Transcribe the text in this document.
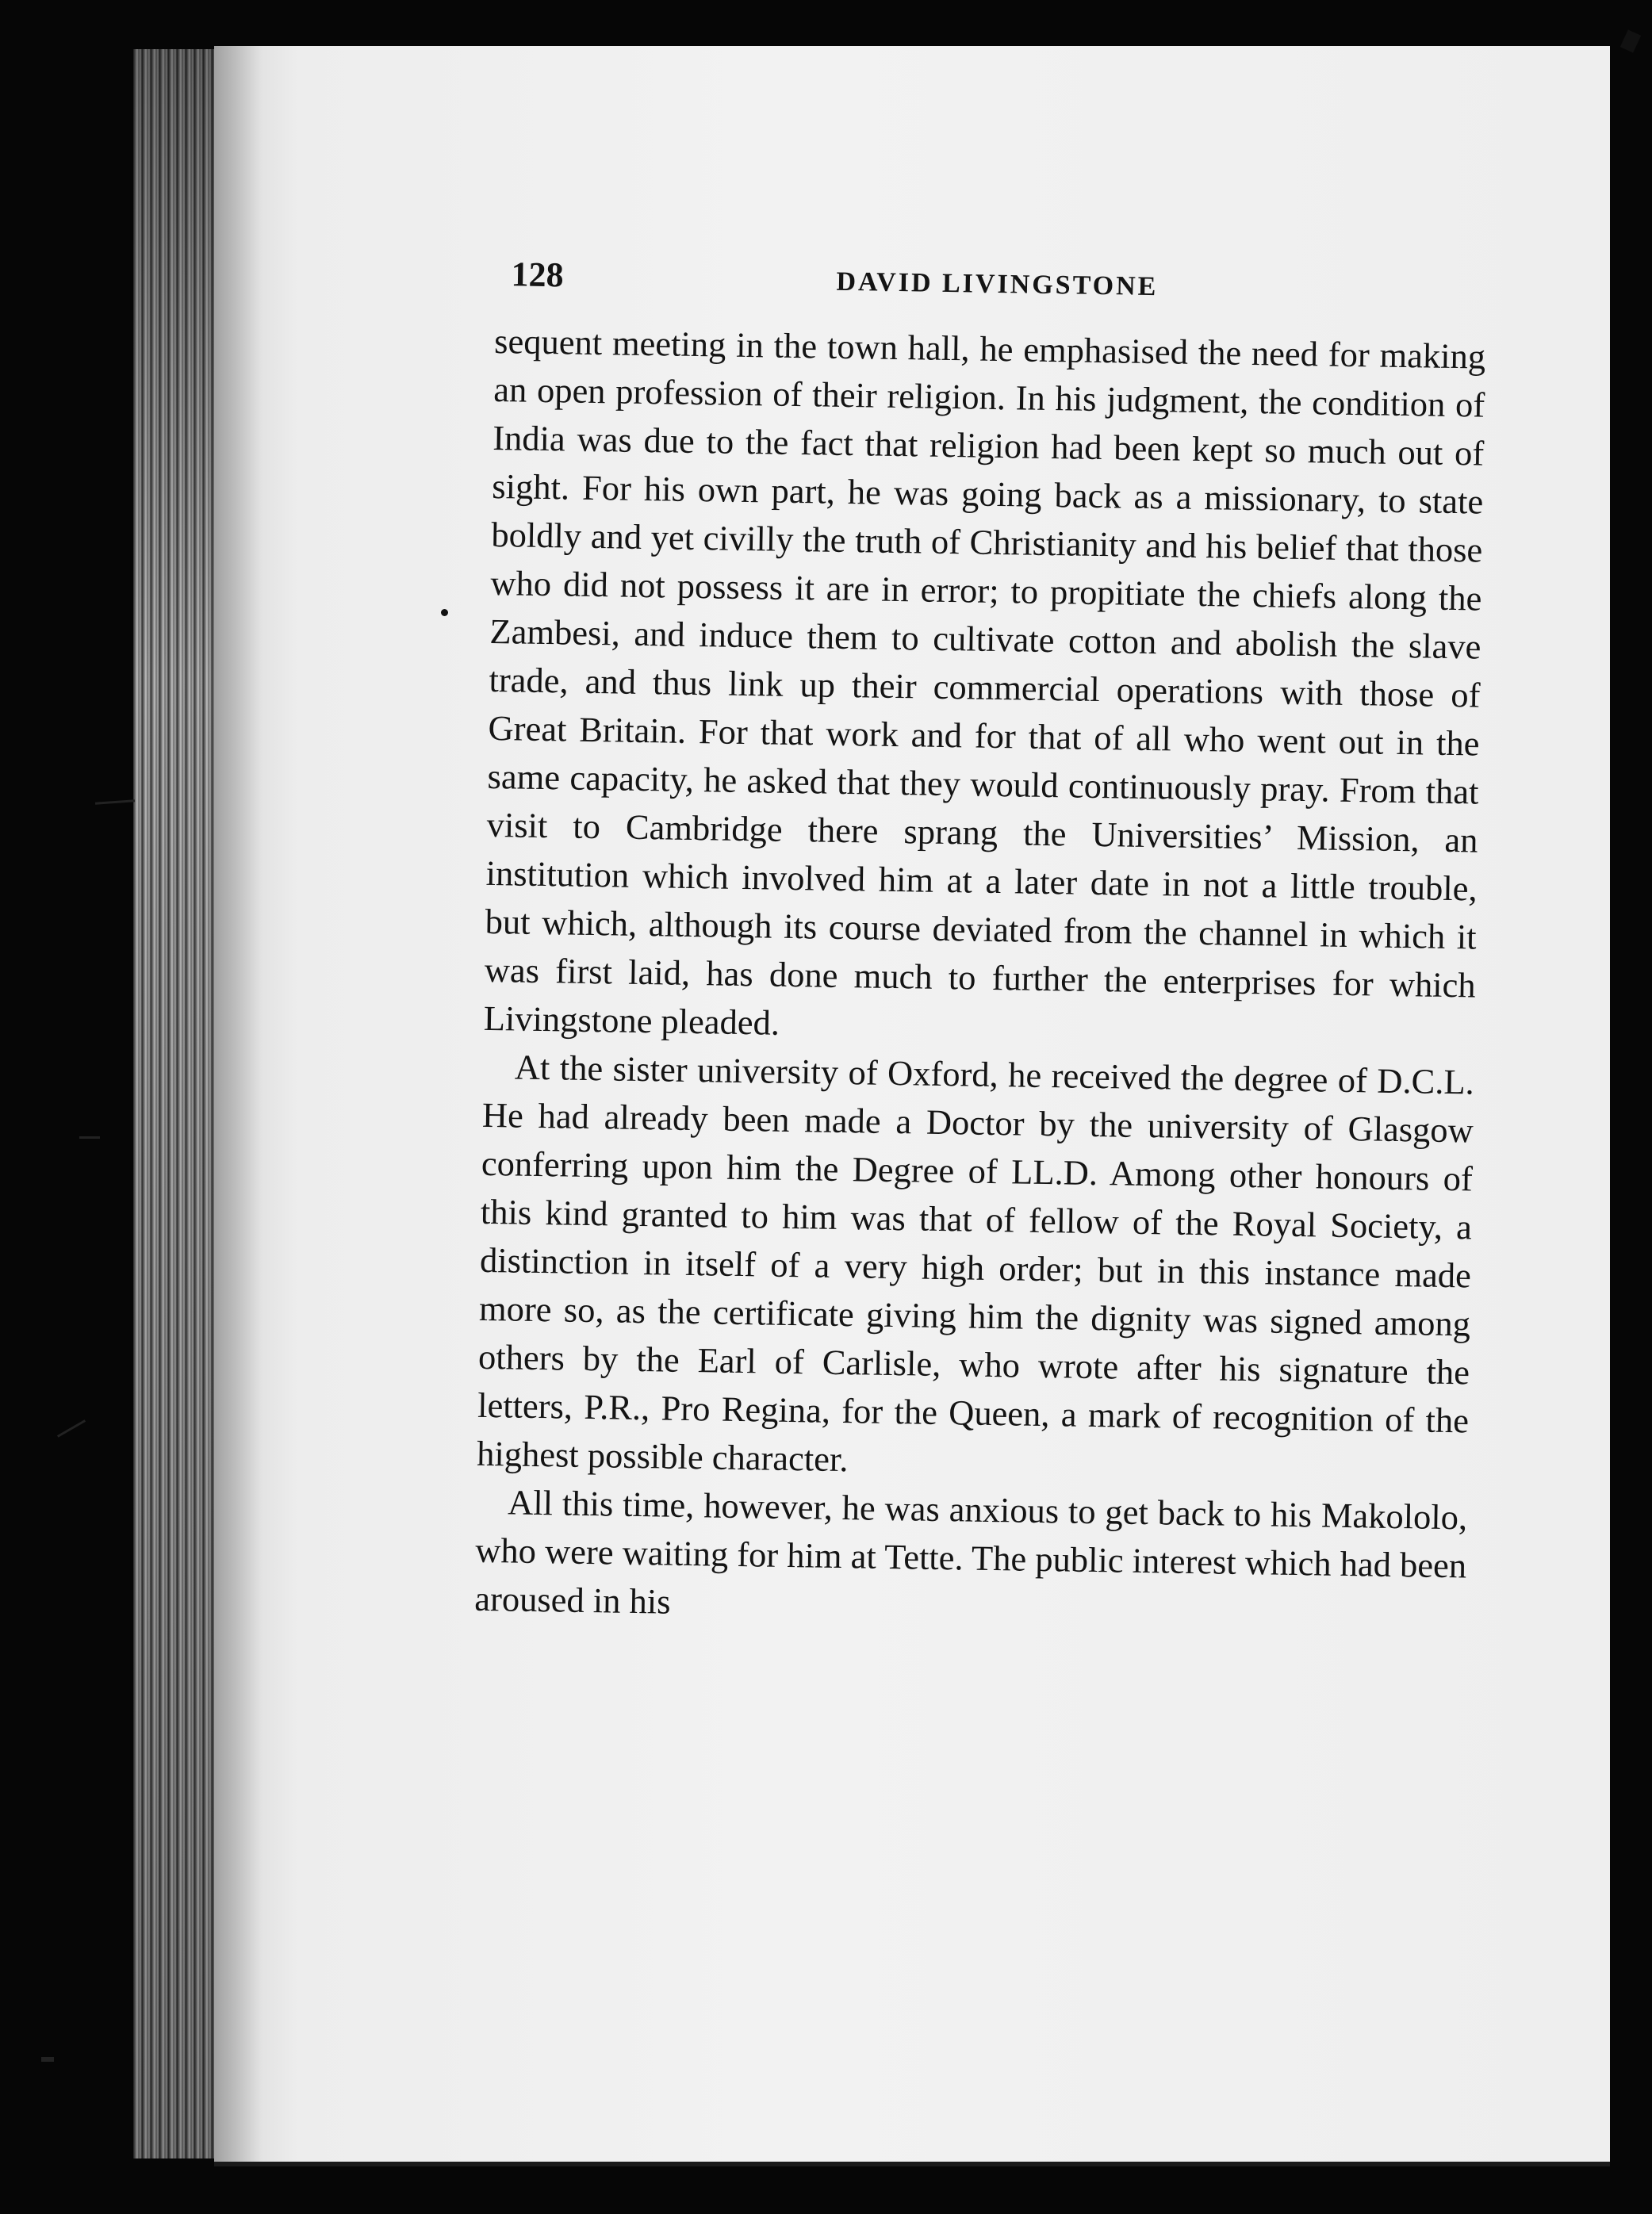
128	DAVID LIVINGSTONE

sequent meeting in the town hall, he emphasised the need for making an open profession of their religion. In his judgment, the condition of India was due to the fact that religion had been kept so much out of sight. For his own part, he was going back as a missionary, to state boldly and yet civilly the truth of Christianity and his belief that those who did not possess it are in error; to propitiate the chiefs along the Zambesi, and induce them to cultivate cotton and abolish the slave trade, and thus link up their commercial operations with those of Great Britain. For that work and for that of all who went out in the same capacity, he asked that they would continuously pray. From that visit to Cambridge there sprang the Universities’ Mission, an institution which involved him at a later date in not a little trouble, but which, although its course deviated from the channel in which it was first laid, has done much to further the enterprises for which Livingstone pleaded.

At the sister university of Oxford, he received the degree of D.C.L. He had already been made a Doctor by the university of Glasgow conferring upon him the Degree of LL.D. Among other honours of this kind granted to him was that of fellow of the Royal Society, a distinction in itself of a very high order; but in this instance made more so, as the certificate giving him the dignity was signed among others by the Earl of Carlisle, who wrote after his signature the letters, P.R., Pro Regina, for the Queen, a mark of recognition of the highest possible character.

All this time, however, he was anxious to get back to his Makololo, who were waiting for him at Tette. The public interest which had been aroused in his
